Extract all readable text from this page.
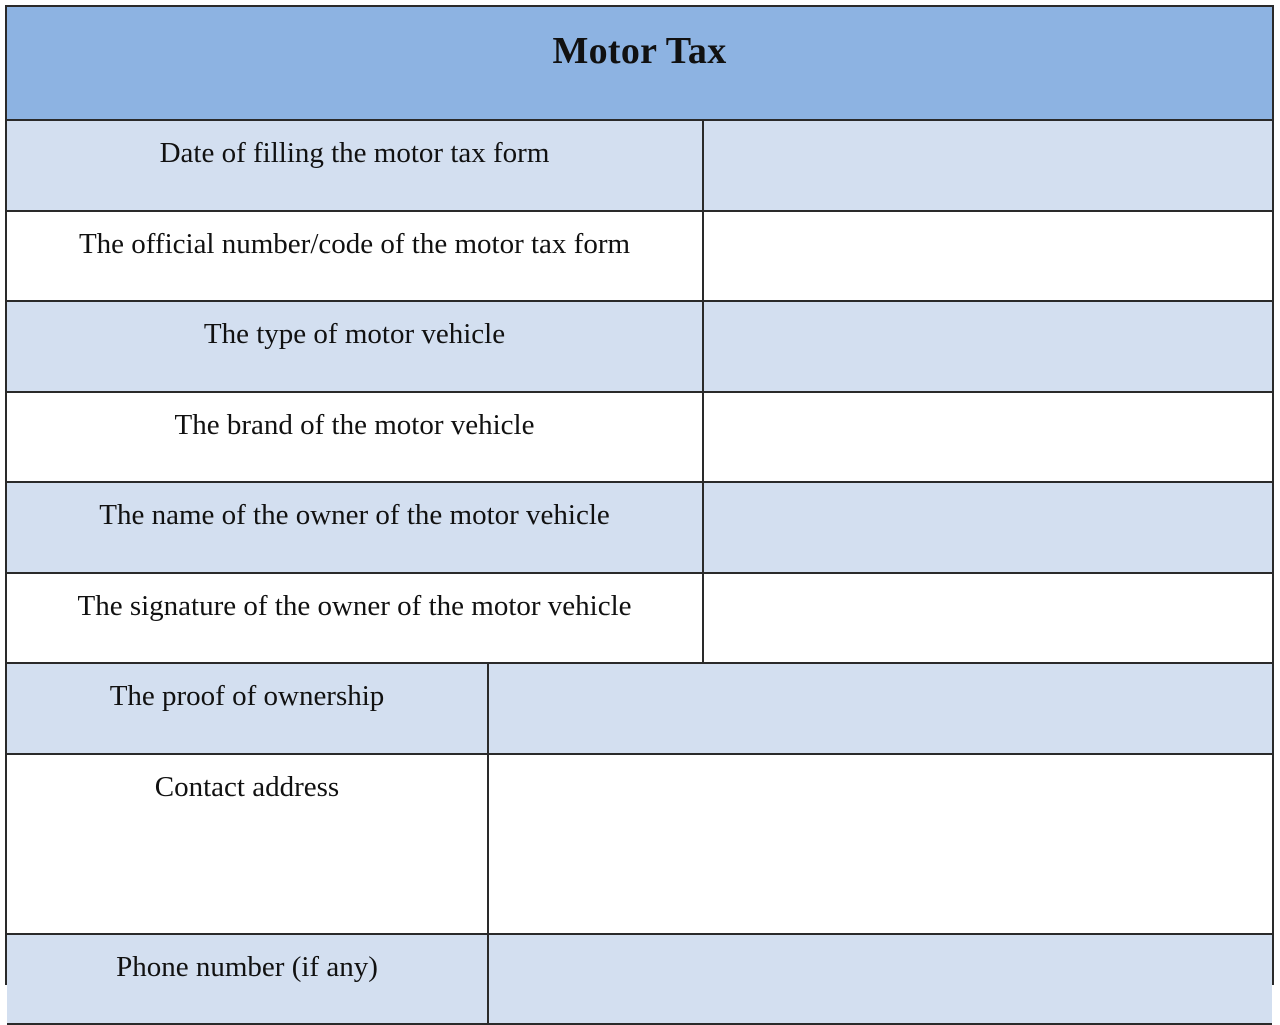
Motor Tax
Date of filling the motor tax form
The official number/code of the motor tax form
The type of motor vehicle
The brand of the motor vehicle
The name of the owner of the motor vehicle
The signature of the owner of the motor vehicle
The proof of ownership
Contact address
Phone number (if any)
